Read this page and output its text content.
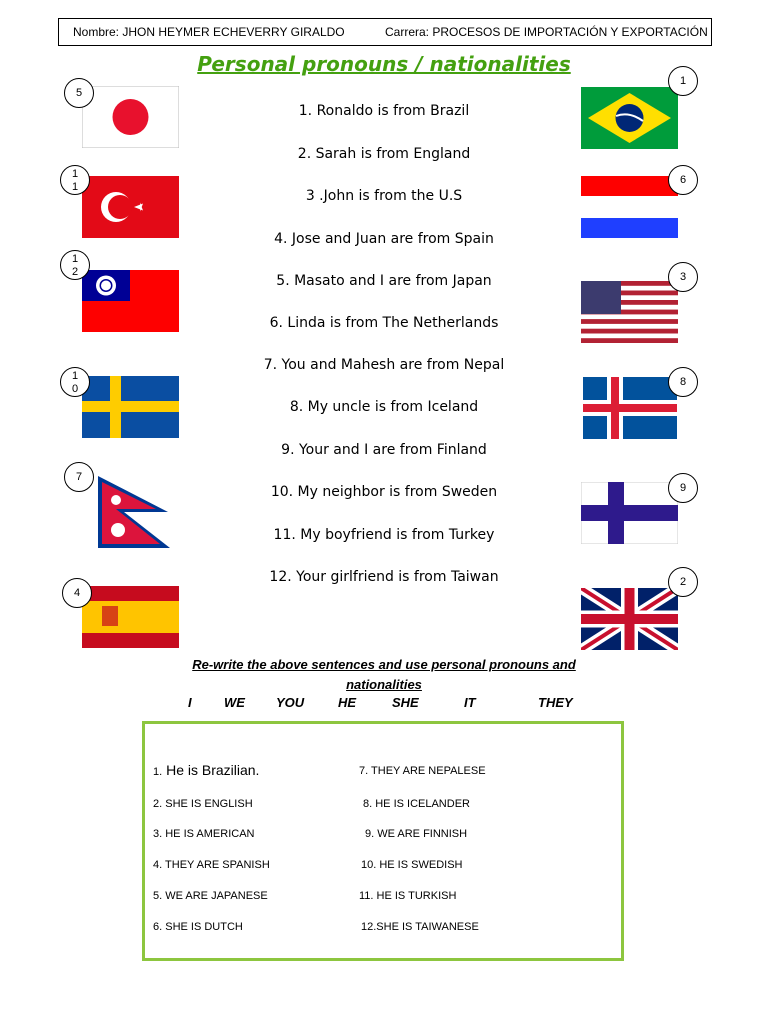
Nombre: JHON HEYMER ECHEVERRY GIRALDO	Carrera: PROCESOS DE IMPORTACIÓN Y EXPORTACIÓN
Personal pronouns / nationalities
1. Ronaldo is from Brazil
2. Sarah is from England
3 .John is from the U.S
4. Jose and Juan are from Spain
5. Masato and I are from Japan
6. Linda is from The Netherlands
7. You and Mahesh are from Nepal
8. My uncle is from Iceland
9. Your and I are from Finland
10. My neighbor is from Sweden
11. My boyfriend is from Turkey
12. Your girlfriend is from Taiwan
5
1
1
1
2
1
0
7
4
1
6
3
8
9
2
Re-write the above sentences and use personal pronouns and
nationalities
I WE YOU	HE	SHE	IT	THEY
1. He is Brazilian.
2. SHE IS ENGLISH
3. HE IS AMERICAN
4. THEY ARE SPANISH
5. WE ARE JAPANESE
6. SHE IS DUTCH
7. THEY ARE NEPALESE
8. HE IS ICELANDER
9. WE ARE FINNISH
10. HE IS SWEDISH
11. HE IS TURKISH
12.SHE IS TAIWANESE
